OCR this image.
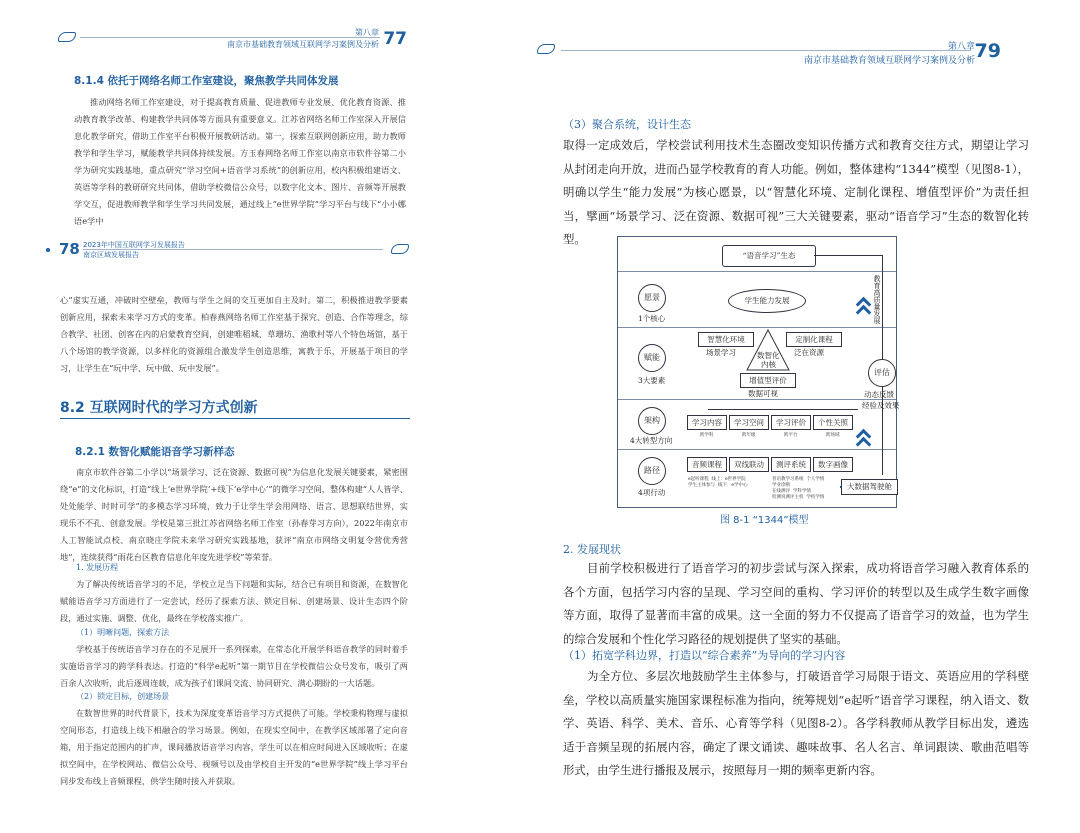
第八章
南京市基础教育领域互联网学习案例及分析 77
8.1.4 依托于网络名师工作室建设，聚焦教学共同体发展
推动网络名师工作室建设，对于提高教育质量、促进教师专业发展、优化教育资源、推动教育教学改革、构建教学共同体等方面具有重要意义。江苏省网络名师工作室深入开展信息化教学研究，借助工作室平台积极开展教研活动。第一，探索互联网创新应用，助力教师教学和学生学习，赋能教学共同体持续发展。方玉春网络名师工作室以南京市软件谷第二小学为研究实践基地，重点研究“学习空间+语音学习系统”的创新应用，校内积极组建语文、英语等学科的教研研究共同体，借助学校微信公众号，以数字化文本、图片、音频等开展教学交互，促进教师教学和学生学习共同发展，通过线上“e世界学院”学习平台与线下“小小娜语e学中
78 2023年中国互联网学习发展报告
南京区域发展报告
心”虚实互通，冲破时空壁垒，教师与学生之间的交互更加自主及时。第二，积极推进教学要素创新应用，探索未来学习方式的变革。柏春燕网络名师工作室基于探究、创造、合作等理念，综合教学、社团、创客在内的启蒙教育空间，创建唯稻城、草珊坊、渔歌村等八个特色场馆，基于八个场馆的教学资源，以多样化的资源组合激发学生创造思维，寓教于乐，开展基于项目的学习，让学生在“玩中学、玩中做、玩中发展”。
8.2 互联网时代的学习方式创新
8.2.1 数智化赋能语音学习新样态
南京市软件谷第二小学以“场景学习、泛在资源、数据可视”为信息化发展关键要素，紧密围绕“e”的文化标识，打造“线上‘e世界学院’+线下‘e学中心’”的微学习空间，整体构建“人人皆学、处处能学、时时可学”的多模态学习环境，致力于让学生学会用网络、语言、思想联结世界，实现乐不不孔、创意发展。学校是第三批江苏省网络名师工作室（孙春芽习方向），2022年南京市人工智能试点校、南京晓庄学院未来学习研究实践基地，获评“南京市网络文明复令营优秀营地”，连续获得“雨花台区教育信息化年度先进学校”等荣誉。
1. 发展历程
为了解决传统语音学习的不足，学校立足当下问题和实际，结合已有项目和资源，在数智化赋能语音学习方面进行了一定尝试，经历了探索方法、锁定目标、创建场景、设计生态四个阶段，通过实施、调整、优化，最终在学校落实推广。
（1）明晰问题，探索方法
学校基于传统语音学习存在的不足展开一系列探索，在常态化开展学科语音教学的同时着手实施语音学习的跨学科表达。打造的“科学e起听”第一期节目在学校微信公众号发布，吸引了两百余人次收听，此后逐周连载，成为孩子们课间交流、协同研究、满心期盼的一大话题。
（2）锁定目标，创建场景
在数智世界的时代背景下，技术为深度变革语音学习方式提供了可能。学校秉构物理与虚拟空间形态，打造线上线下相融合的学习场景。例如，在现实空间中，在教学区域部署了定向音箱，用于指定范围内的扩声，课间播放语音学习内容，学生可以在相应时间进入区域收听；在虚拟空间中，在学校网站、微信公众号、视频号以及由学校自主开发的“e世界学院”线上学习平台同步发布线上音频课程，供学生随时接入并获取。
第八章
南京市基础教育领域互联网学习案例及分析 79
（3）聚合系统，设计生态
取得一定成效后，学校尝试利用技术生态圈改变知识传播方式和教育交往方式，期望让学习从封闭走向开放，进而凸显学校教育的育人功能。例如，整体建构“1344”模型（见图8-1），明确以学生“能力发展”为核心愿景，以“智慧化环境、定制化课程、增值型评价”为责任担当，擘画“场景学习、泛在资源、数据可视”三大关键要素，驱动“语音学习”生态的数智化转型。
图 8-1 “1344”模型
2. 发展现状
目前学校积极进行了语音学习的初步尝试与深入探索，成功将语音学习融入教育体系的各个方面，包括学习内容的呈现、学习空间的重构、学习评价的转型以及生成学生数字画像等方面，取得了显著而丰富的成果。这一全面的努力不仅提高了语音学习的效益，也为学生的综合发展和个性化学习路径的规划提供了坚实的基础。
（1）拓宽学科边界，打造以“综合素养”为导向的学习内容
为全方位、多层次地鼓励学生主体参与，打破语音学习局限于语文、英语应用的学科壁垒，学校以高质量实施国家课程标准为指向，统筹规划“e起听”语音学习课程，纳入语文、数学、英语、科学、美术、音乐、心育等学科（见图8-2）。各学科教师从教学目标出发，遴选适于音频呈现的拓展内容，确定了课文诵读、趣味故事、名人名言、单词跟读、歌曲范唱等形式，由学生进行播报及展示，按照每月一期的频率更新内容。
“语音学习”生态
愿景
1个核心
赋能
3大要素
架构
4大转型方向
路径
4项行动
学生能力发展
智慧化环境
场景学习
定制化课程
泛在资源
数智化
内核
增值型评价
数据可视
学习内容	学习空间	学习评价	个性关照
跨学科	跨年级	跨平台	跨场域
音频课程	双线联动	测评系统	数字画像
e起听课程  线上：e世界学院
学生主体参与  线下：e学中心
普语教学习系统  个人学情
学业诊断
在线测评  学科学情
检测说测评主机  学校学情
大数据驾驶舱
评估
动态反馈
经验及效果
教育高质量发展
